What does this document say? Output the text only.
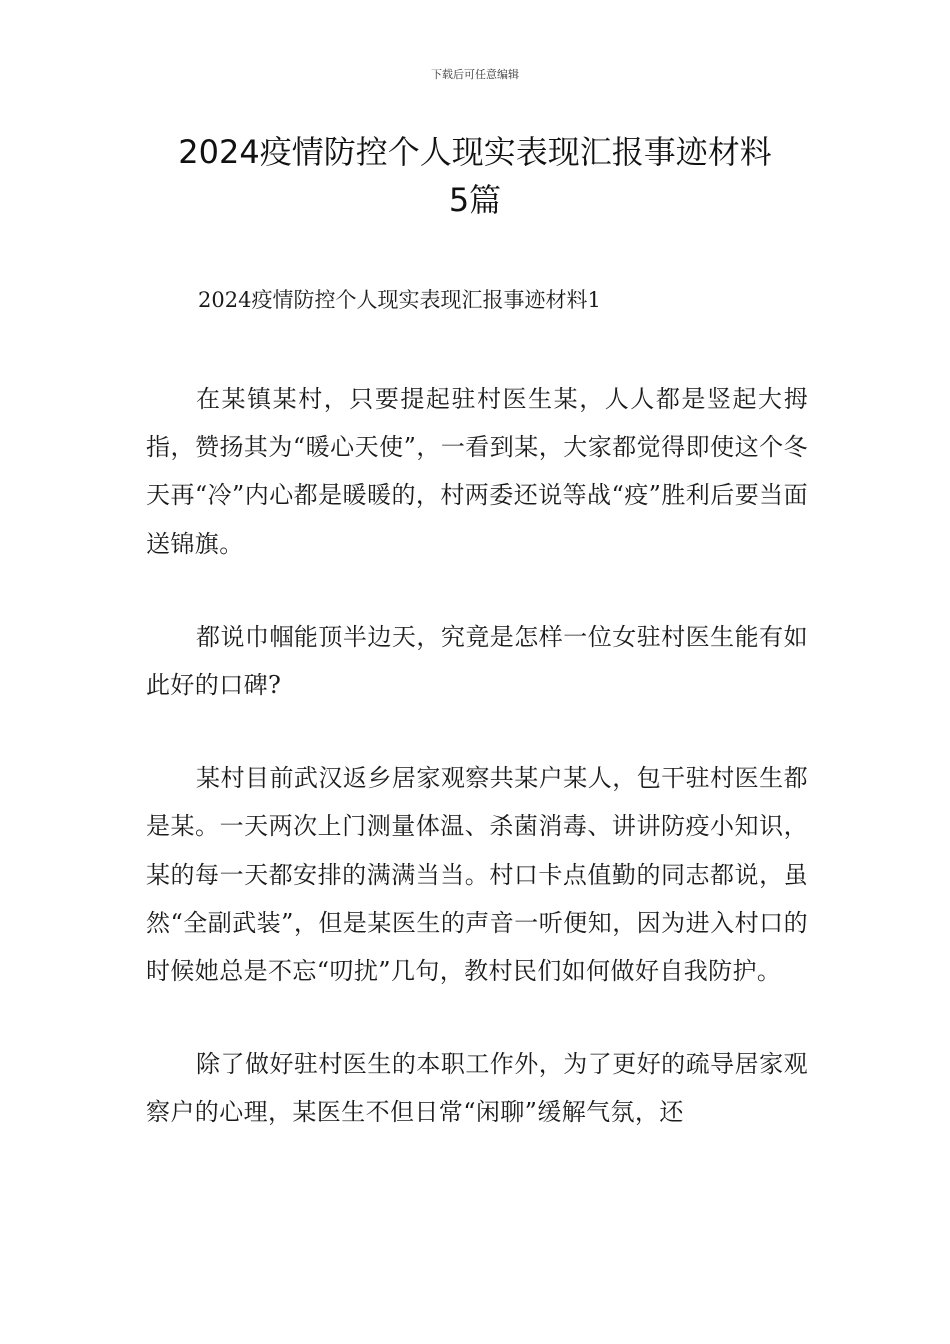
下载后可任意编辑
2024疫情防控个人现实表现汇报事迹材料
5篇

2024疫情防控个人现实表现汇报事迹材料1

在某镇某村，只要提起驻村医生某，人人都是竖起大拇指，赞扬其为“暖心天使”，一看到某，大家都觉得即使这个冬天再“冷”内心都是暖暖的，村两委还说等战“疫”胜利后要当面送锦旗。

都说巾帼能顶半边天，究竟是怎样一位女驻村医生能有如此好的口碑?

某村目前武汉返乡居家观察共某户某人，包干驻村医生都是某。一天两次上门测量体温、杀菌消毒、讲讲防疫小知识，某的每一天都安排的满满当当。村口卡点值勤的同志都说，虽然“全副武装”，但是某医生的声音一听便知，因为进入村口的时候她总是不忘“叨扰”几句，教村民们如何做好自我防护。

除了做好驻村医生的本职工作外，为了更好的疏导居家观察户的心理，某医生不但日常“闲聊”缓解气氛，还
